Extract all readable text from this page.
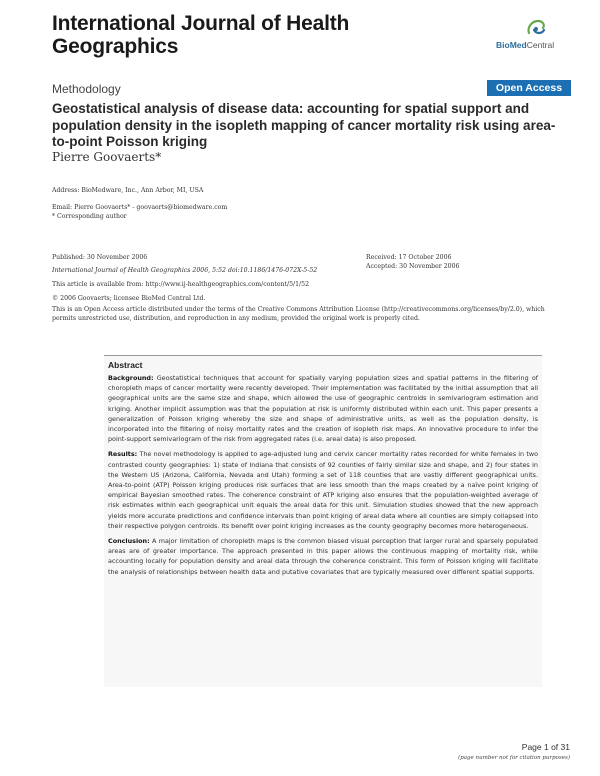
International Journal of Health Geographics	BioMedCentral
Methodology	Open Access
Geostatistical analysis of disease data: accounting for spatial support and population density in the isopleth mapping of cancer mortality risk using area-to-point Poisson kriging
Pierre Goovaerts*
Address: BioMedware, Inc., Ann Arbor, MI, USA
Email: Pierre Goovaerts* - goovaerts@biomedware.com
* Corresponding author
Published: 30 November 2006
International Journal of Health Geographics 2006, 5:52 doi:10.1186/1476-072X-5-52
Received: 17 October 2006
Accepted: 30 November 2006
This article is available from: http://www.ij-healthgeographics.com/content/5/1/52
© 2006 Goovaerts; licensee BioMed Central Ltd.
This is an Open Access article distributed under the terms of the Creative Commons Attribution License (http://creativecommons.org/licenses/by/2.0), which permits unrestricted use, distribution, and reproduction in any medium, provided the original work is properly cited.
Abstract

Background: Geostatistical techniques that account for spatially varying population sizes and spatial patterns in the filtering of choropleth maps of cancer mortality were recently developed. Their implementation was facilitated by the initial assumption that all geographical units are the same size and shape, which allowed the use of geographic centroids in semivariogram estimation and kriging. Another implicit assumption was that the population at risk is uniformly distributed within each unit. This paper presents a generalization of Poisson kriging whereby the size and shape of administrative units, as well as the population density, is incorporated into the filtering of noisy mortality rates and the creation of isopleth risk maps. An innovative procedure to infer the point-support semivariogram of the risk from aggregated rates (i.e. areal data) is also proposed.

Results: The novel methodology is applied to age-adjusted lung and cervix cancer mortality rates recorded for white females in two contrasted county geographies: 1) state of Indiana that consists of 92 counties of fairly similar size and shape, and 2) four states in the Western US (Arizona, California, Nevada and Utah) forming a set of 118 counties that are vastly different geographical units. Area-to-point (ATP) Poisson kriging produces risk surfaces that are less smooth than the maps created by a naïve point kriging of empirical Bayesian smoothed rates. The coherence constraint of ATP kriging also ensures that the population-weighted average of risk estimates within each geographical unit equals the areal data for this unit. Simulation studies showed that the new approach yields more accurate predictions and confidence intervals than point kriging of areal data where all counties are simply collapsed into their respective polygon centroids. Its benefit over point kriging increases as the county geography becomes more heterogeneous.

Conclusion: A major limitation of choropleth maps is the common biased visual perception that larger rural and sparsely populated areas are of greater importance. The approach presented in this paper allows the continuous mapping of mortality risk, while accounting locally for population density and areal data through the coherence constraint. This form of Poisson kriging will facilitate the analysis of relationships between health data and putative covariates that are typically measured over different spatial supports.

Page 1 of 31
(page number not for citation purposes)
